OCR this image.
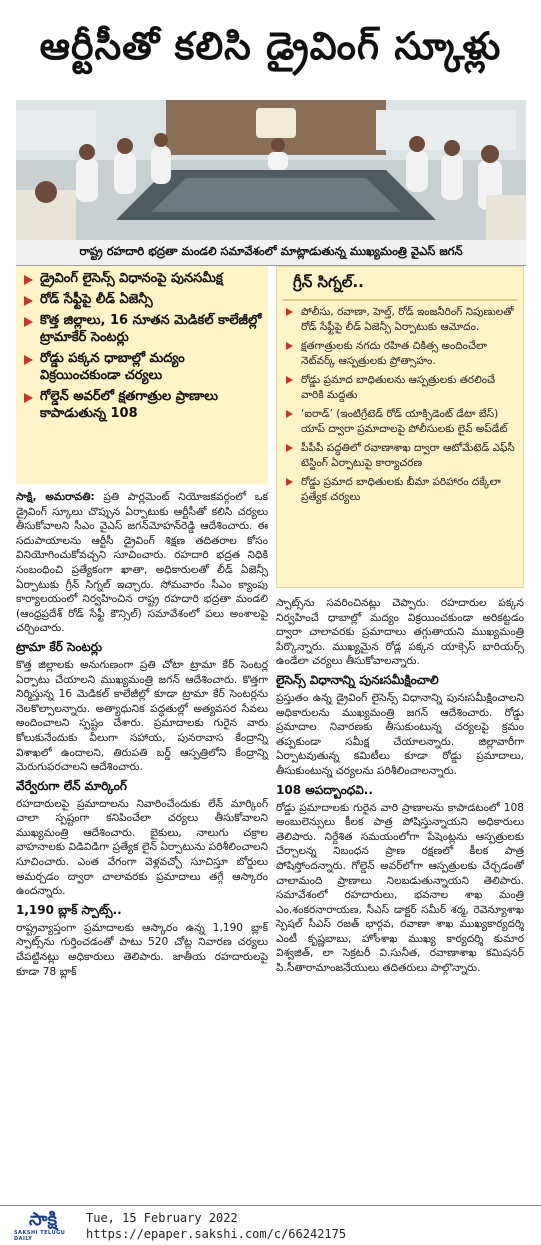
ఆర్టీసీతో కలిసి డ్రైవింగ్ స్కూళ్లు
రాష్ట్ర రహదారి భద్రతా మండలి సమావేశంలో మాట్లాడుతున్న ముఖ్యమంత్రి వైఎస్ జగన్
డ్రైవింగ్ లైసెన్స్ విధానంపై పునసమీక్ష
రోడ్ సేఫ్టీపై లీడ్ ఏజెన్సీ
కొత్త జిల్లాలు, 16 నూతన మెడికల్ కాలేజీల్లో ట్రామాకేర్ సెంటర్లు
రోడ్డు పక్కన ధాబాల్లో మద్యం విక్రయించకుండా చర్యలు
గోల్డెన్ అవర్‌లో క్షతగాత్రుల ప్రాణాలు కాపాడుతున్న 108
గ్రీన్ సిగ్నల్..
పోలీసు, రవాణా, హెల్త్, రోడ్ ఇంజనీరింగ్ నిపుణులతో రోడ్ సేఫ్టీపై లీడ్ ఏజెన్సీ ఏర్పాటుకు ఆమోదం.
క్షతగాత్రులకు నగదు రహిత చికిత్స అందించేలా నెట్‌వర్క్ ఆస్పత్రులకు ప్రోత్సాహం.
రోడ్డు ప్రమాద బాధితులను ఆస్పత్రులకు తరలించే వారికి మద్దతు
‘ఐరాడ్’ (ఇంటిగ్రేటెడ్ రోడ్ యాక్సిడెంట్ డేటా బేస్) యాప్ ద్వారా ప్రమాదాలపై పోలీసులకు లైవ్ అప్‌డేట్
పీపీపీ పద్ధతిలో రవాణాశాఖ ద్వారా ఆటోమేటెడ్ ఎఫ్‌సీ టెస్టింగ్ ఏర్పాటుపై కార్యాచరణ
రోడ్డు ప్రమాద బాధితులకు బీమా పరిహారం దక్కేలా ప్రత్యేక చర్యలు

సాక్షి, అమరావతి: ప్రతి పార్లమెంట్ నియోజకవర్గంలో ఒక డ్రైవింగ్ స్కూలు చొప్పున ఏర్పాటుకు ఆర్టీసీతో కలిసి చర్యలు తీసుకోవాలని సీఎం వైఎస్ జగన్‌మోహన్‌రెడ్డి ఆదేశించారు. ఈ సదుపాయాలను ఆర్టీసీ డ్రైవింగ్ శిక్షణ తదితరాల కోసం వినియోగించుకోవచ్చని సూచించారు. రహదారి భద్రత నిధికి సంబంధించి ప్రత్యేకంగా ఖాతా, అధికారులతో లీడ్ ఏజెన్సీ ఏర్పాటుకు గ్రీన్ సిగ్నల్ ఇచ్చారు. సోమవారం సీఎం క్యాంపు కార్యాలయంలో నిర్వహించిన రాష్ట్ర రహదారి భద్రతా మండలి (ఆంధ్రప్రదేశ్ రోడ్ సేఫ్టీ కౌన్సిల్) సమావేశంలో పలు అంశాలపై చర్చించారు.

ట్రామా కేర్ సెంటర్లు

కొత్త జిల్లాలకు అనుగుణంగా ప్రతి చోటా ట్రామా కేర్ సెంటర్ల ఏర్పాటు చేయాలని ముఖ్యమంత్రి జగన్ ఆదేశించారు. కొత్తగా నిర్మిస్తున్న 16 మెడికల్ కాలేజీల్లో కూడా ట్రామా కేర్ సెంటర్లను నెలకొల్పాలన్నారు. అత్యాధునిక పద్ధతుల్లో అత్యవసర సేవలు అందించాలని స్పష్టం చేశారు. ప్రమాదాలకు గురైన వారు కోలుకునేందుకు వీలుగా సహాయ, పునరావాస కేంద్రాన్ని విశాఖలో ఉందాలని, తిరుపతి బర్డ్ ఆస్పత్రిలోని కేంద్రాన్ని మెరుగుపరచాలని ఆదేశించారు.

వేర్వేరుగా లేన్ మార్కింగ్

రహదారులపై ప్రమాదాలను నివారించేందుకు లేన్ మార్కింగ్ చాలా స్పష్టంగా కనిపించేలా చర్యలు తీసుకోవాలని ముఖ్యమంత్రి ఆదేశించారు. బైకులు, నాలుగు చక్రాల వాహనాలకు విడివిడిగా ప్రత్యేక లైన్ ఏర్పాటును పరిశీలించాలని సూచించారు. ఎంత వేగంగా వెళ్లవచ్చో సూచిస్తూ బోర్డులు అమర్చడం ద్వారా చాలావరకు ప్రమాదాలు తగ్గే ఆస్కారం ఉందన్నారు.

1,190 బ్లాక్ స్పాట్స్..

రాష్ట్రవ్యాప్తంగా ప్రమాదాలకు ఆస్కారం ఉన్న 1,190 బ్లాక్ స్పాట్స్‌ను గుర్తించడంతో పాటు 520 చోట్ల నివారణ చర్యలు చేపట్టినట్లు అధికారులు తెలిపారు. జాతీయ రహదారులపై కూడా 78 బ్లాక్

స్పాట్స్‌ను సవరించినట్లు చెప్పారు. రహదారుల పక్కన నిర్వహించే ధాబాల్లో మద్యం విక్రయించకుండా అరికట్టడం ద్వారా చాలావరకు ప్రమాదాలు తగ్గుతాయని ముఖ్యమంత్రి పేర్కొన్నారు. ముఖ్యమైన రోడ్ల పక్కన యాక్సెస్ బారియర్స్ ఉండేలా చర్యలు తీసుకోవాలన్నారు.

లైసెన్స్ విధానాన్ని పునఃసమీక్షించాలి

ప్రస్తుతం ఉన్న డ్రైవింగ్ లైసెన్స్ విధానాన్ని పునఃసమీక్షించాలని అధికారులను ముఖ్యమంత్రి జగన్ ఆదేశించారు. రోడ్డు ప్రమాదాల నివారణకు తీసుకుంటున్న చర్యలపై క్రమం తప్పకుండా సమీక్ష చేయాలన్నారు. జిల్లావారీగా ఏర్పాటవుతున్న కమిటీలు కూడా రోడ్డు ప్రమాదాలు, తీసుకుంటున్న చర్యలను పరిశీలించాలన్నారు.

108 అపద్బాంధవి..

రోడ్డు ప్రమాదాలకు గురైన వారి ప్రాణాలను కాపాడటంలో 108 అంబులెన్సులు కీలక పాత్ర పోషిస్తున్నాయని అధికారులు తెలిపారు. నిర్దేశిత సమయంలోగా పేషెంట్లను ఆస్పత్రులకు చేర్చాలన్న నిబంధన ప్రాణ రక్షణలో కీలక పాత్ర పోషిస్తోందన్నారు. గోల్డెన్ అవర్‌లోగా ఆస్పత్రులకు చేర్చడంతో చాలామంది ప్రాణాలు నిలబడుతున్నాయని తెలిపారు. సమావేశంలో రహదారులు, భవనాల శాఖ మంత్రి ఎం.శంకరనారాయణ, సీఎస్ డాక్టర్ సమీర్ శర్మ, రెవెన్యూశాఖ స్పెషల్ సీఎస్ రజత్ భార్గవ, రవాణా శాఖ ముఖ్యకార్యదర్శి ఎంటీ కృష్ణబాబు, హోంశాఖ ముఖ్య కార్యదర్శి కుమార విశ్వజిత్, లా సెక్రటరీ వి.సునీత, రవాణాశాఖ కమిషనర్ పి.సీతారామాంజనేయులు తదితరులు పాల్గొన్నారు.

సాక్షి
SAKSHI TELUGU DAILY
Tue, 15 February 2022
https://epaper.sakshi.com/c/66242175
